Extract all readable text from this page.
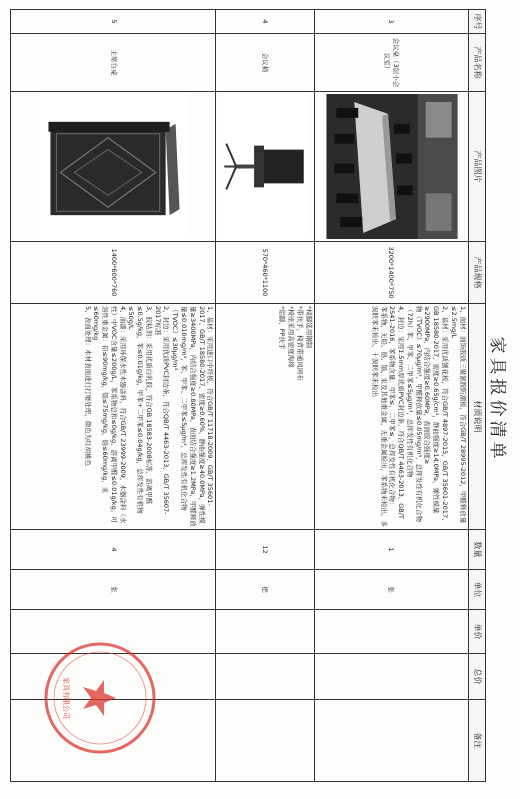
家具报价清单
序号	产品名称	产品图片	产品规格	材质说明	数量	单位	单价	总价	备注
3	会议桌（3层小会议室）		3200*1400*750	1、面材：面饰胶质三聚氰胺防潮板，符合GB/T 28995-2012，甲醛释放量≤2.5mg/L
2、基材：采用优质刨花板，符合GB/T 4897-2015、GB/T 35601-2017、GB 18580-2017，密度≥0.65g/cm³，静曲强度≥14.0MPa，弹性模量≥2900MPa，内结合强度≥0.60MPa，表面胶合强度≥
物（TVOC）≤70μg/m³，甲醛释放量≤0.05mg/m³，总挥发性有机化合物（72h）苯、甲苯、二甲苯≤5μg/m³，总挥发性有机化合物
4、封边：采用1.5mm厚优质PVC封边条，符合QB/T 4463-2013、GB/T 2541-2016，苯系物含量：甲苯≤，二甲苯≤，总挥发性有机化合物：
苯系物，无铅、铬、镉、汞及其他重金属，无重金属检出，苯系物未检出，多溴联苯未检出，十溴联苯未检出	1	张			
4	会议椅		570*460*1100	*椅脚选用钢制
*带扶手，椅背带通风网布
*椅座采用高密度海绵
*铝脚，PP扶手	12	把			
5	主席台桌		1400*600*760	1、基材：采用进口中纤板，符合GB/T 11718-2009、GB/T 35601-2017、GB/T 18580-2017，密度≥0.60%，静曲强度≥40.0MPa，弹性模量≥3400MPa，内结合强度≥0.80MPa，表面结合强度≥1.2MPa，甲醛释放量≤0.010mg/m³，苯、甲苯、二甲苯≤5μg/m³，总挥发性有机化合物（TVOC）≤30μg/m³
2、封边：采用优质PVC封边条，符合QB/T 4463-2013、GB/T 35607-2017标准
3、胶粘剂：采用优质白乳胶，符合GB 18583-2008标准，游离甲醛≤0.5g/kg，苯≤0.01g/kg，甲苯+二甲苯≤0.04g/kg，总挥发性有机物≤50g/L
4、油漆：采用环保水性木器涂料，符合GB/T 23999-2009，木器涂料（水性）中VOC含量≤200g/L，苯系物总和≤0g/kg，游离甲醛≤0.01g/kg，可溶性重金属：铅≤90mg/kg，镉≤75mg/kg，铬≤60mg/kg，汞≤60mg/kg
5、表面处理：木材表面进行打磨处理，颜色为红胡桃色	4	张			
家具有限公司
